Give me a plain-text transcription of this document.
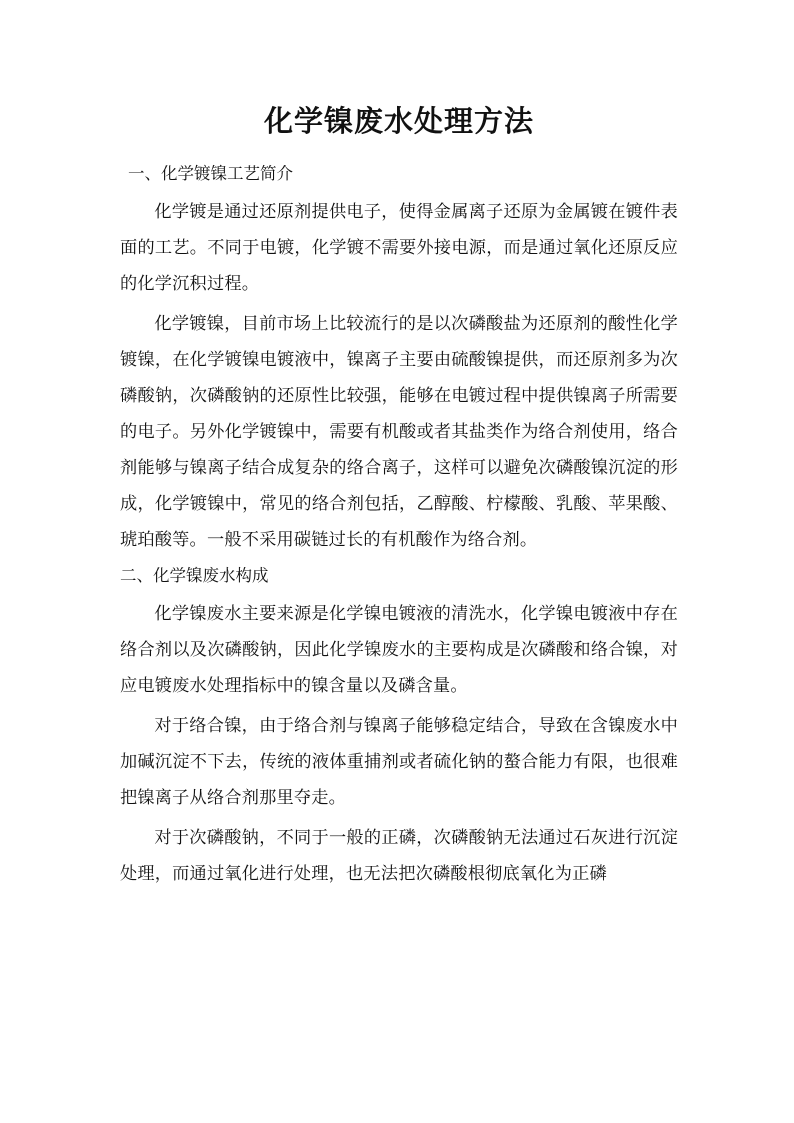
化学镍废水处理方法
一、化学镀镍工艺简介

化学镀是通过还原剂提供电子，使得金属离子还原为金属镀在镀件表面的工艺。不同于电镀，化学镀不需要外接电源，而是通过氧化还原反应的化学沉积过程。

化学镀镍，目前市场上比较流行的是以次磷酸盐为还原剂的酸性化学镀镍，在化学镀镍电镀液中，镍离子主要由硫酸镍提供，而还原剂多为次磷酸钠，次磷酸钠的还原性比较强，能够在电镀过程中提供镍离子所需要的电子。另外化学镀镍中，需要有机酸或者其盐类作为络合剂使用，络合剂能够与镍离子结合成复杂的络合离子，这样可以避免次磷酸镍沉淀的形成，化学镀镍中，常见的络合剂包括，乙醇酸、柠檬酸、乳酸、苹果酸、琥珀酸等。一般不采用碳链过长的有机酸作为络合剂。

二、化学镍废水构成

化学镍废水主要来源是化学镍电镀液的清洗水，化学镍电镀液中存在络合剂以及次磷酸钠，因此化学镍废水的主要构成是次磷酸和络合镍，对应电镀废水处理指标中的镍含量以及磷含量。

对于络合镍，由于络合剂与镍离子能够稳定结合，导致在含镍废水中加碱沉淀不下去，传统的液体重捕剂或者硫化钠的螯合能力有限，也很难把镍离子从络合剂那里夺走。

对于次磷酸钠，不同于一般的正磷，次磷酸钠无法通过石灰进行沉淀处理，而通过氧化进行处理，也无法把次磷酸根彻底氧化为正磷
